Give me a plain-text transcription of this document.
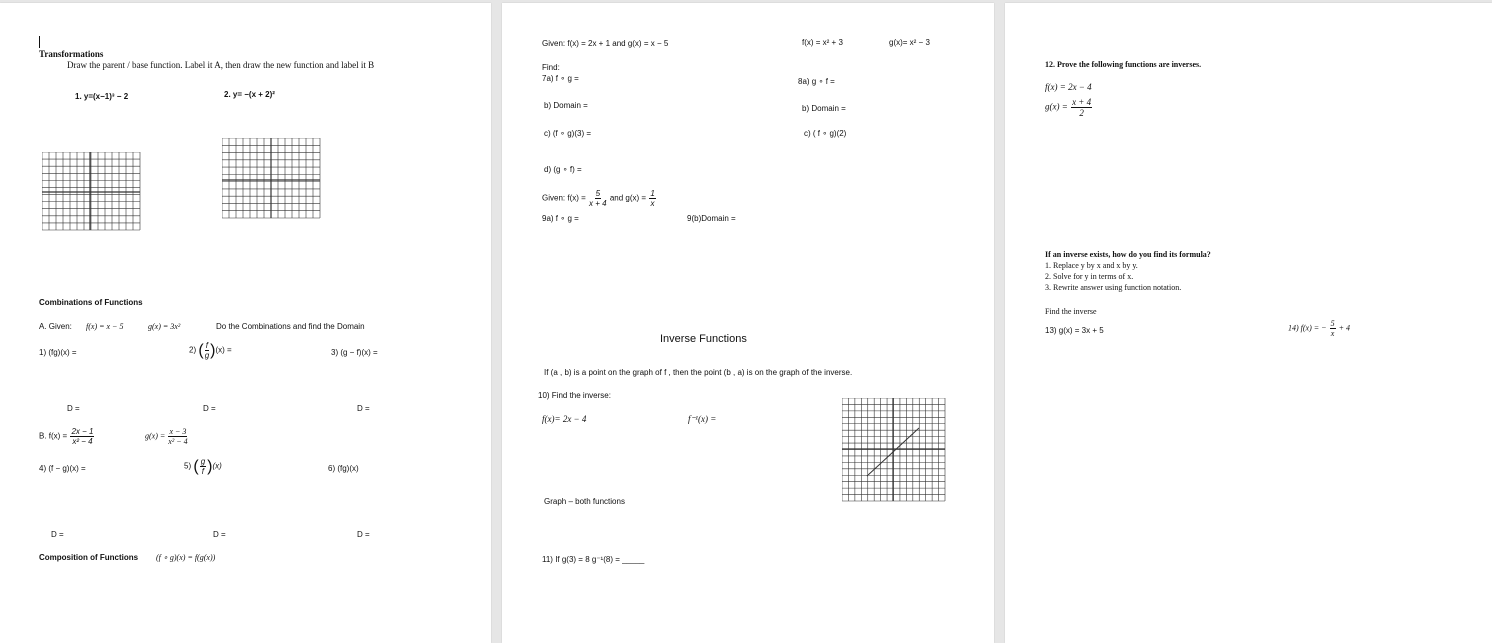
Transformations
Draw the parent / base function. Label it A, then draw the new function and label it B
1. y=(x−1)³ − 2	2. y= −(x + 2)²
Combinations of Functions
A. Given: f(x) = x − 5	g(x) = 3x²	Do the Combinations and find the Domain
1) (fg)(x) =	2) ( $\frac{f}{g} )(x)$ =	3) (g − f)(x) =
D =	D =	D =
B. $f(x) = \frac{2x - 1}{\text{x² − 4}}$	$g(x) = \frac{x - 3}{\text{x² − 4}}$
4) (f − g)(x) =	5) ( $\frac{g}{f} )(x)$	6) (fg)(x)
D =	D =	D =
Composition of Functions (f ∘ g)(x) = f(g(x))
Given: f(x) = 2x + 1 and g(x) = x − 5	f(x) = x² + 3	g(x)= x² − 3
Find:
7a) f ∘ g =	8a) g ∘ f =
b) Domain =	b) Domain =
c) (f ∘ g)(3) =	c) ( f ∘ g)(2)
d) (g ∘ f) =
Given: $f(x) = \frac{5}{x + 4}$ and $g(x) = \frac{1}{x}$
9a) f ∘ g =	9(b)Domain =
Inverse Functions
If (a , b) is a point on the graph of f , then the point (b , a) is on the graph of the inverse.
10) Find the inverse:
f(x)= 2x − 4	f⁻¹(x) =
Graph – both functions
11) If g(3) = 8 g⁻¹(8) = _____
12. Prove the following functions are inverses.
f(x) = 2x − 4
$g(x) = \frac{x + 4}{2}$
If an inverse exists, how do you find its formula?
1. Replace y by x and x by y.
2. Solve for y in terms of x.
3. Rewrite answer using function notation.
Find the inverse
13) g(x) = 3x + 5	14) f(x) = − $\frac{5}{x} + 4$
